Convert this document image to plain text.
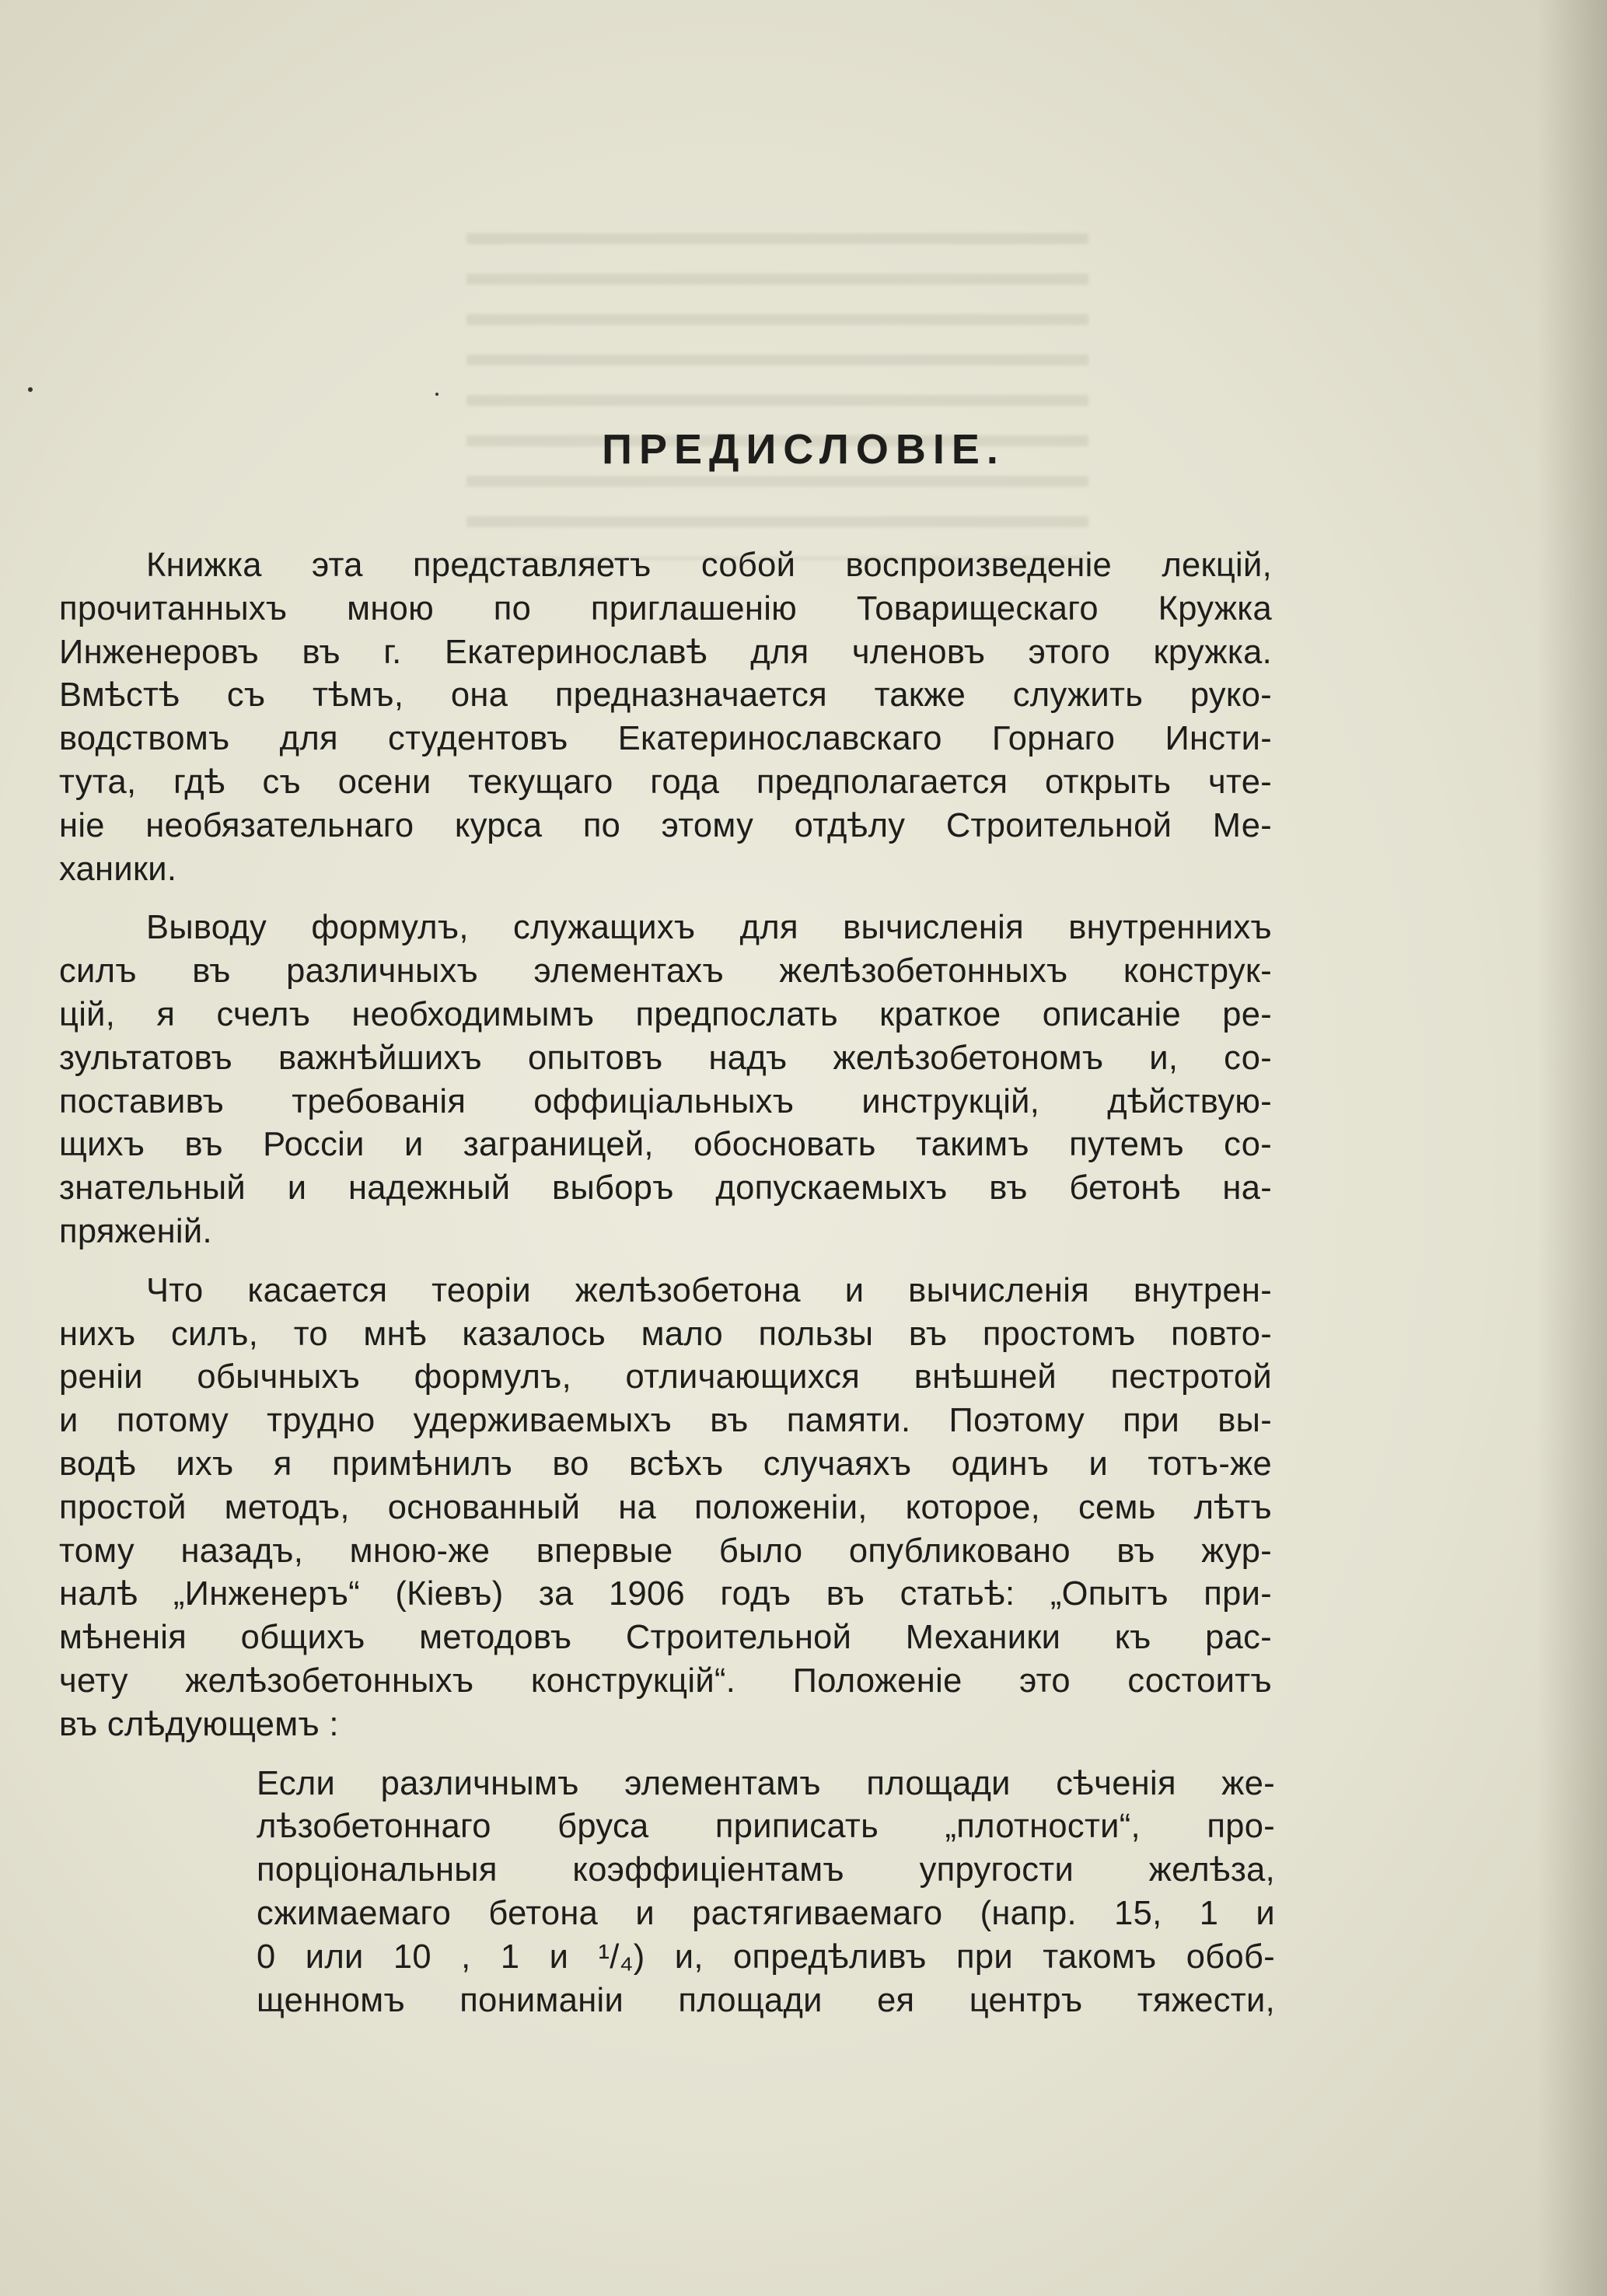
ПРЕДИСЛОВIЕ.
Книжка эта представляетъ собой воспроизведенiе лекцiй,
прочитанныхъ мною по приглашенiю Товарищескаго Кружка
Инженеровъ въ г. Екатеринославѣ для членовъ этого кружка.
Вмѣстѣ съ тѣмъ, она предназначается также служить руко-
водствомъ для студентовъ Екатеринославскаго Горнаго Инсти-
тута, гдѣ съ осени текущаго года предполагается открыть чте-
нiе необязательнаго курса по этому отдѣлу Строительной Ме-
ханики.
Выводу формулъ, служащихъ для вычисленiя внутреннихъ
силъ въ различныхъ элементахъ желѣзобетонныхъ конструк-
цiй, я счелъ необходимымъ предпослать краткое описанiе ре-
зультатовъ важнѣйшихъ опытовъ надъ желѣзобетономъ и, со-
поставивъ требованiя оффицiальныхъ инструкцiй, дѣйствую-
щихъ въ Россiи и заграницей, обосновать такимъ путемъ со-
знательный и надежный выборъ допускаемыхъ въ бетонѣ на-
пряженiй.
Что касается теорiи желѣзобетона и вычисленiя внутрен-
нихъ силъ, то мнѣ казалось мало пользы въ простомъ повто-
ренiи обычныхъ формулъ, отличающихся внѣшней пестротой
и потому трудно удерживаемыхъ въ памяти. Поэтому при вы-
водѣ ихъ я примѣнилъ во всѣхъ случаяхъ одинъ и тотъ-же
простой методъ, основанный на положенiи, которое, семь лѣтъ
тому назадъ, мною-же впервые было опубликовано въ жур-
налѣ „Инженеръ“ (Кiевъ) за 1906 годъ въ статьѣ: „Опытъ при-
мѣненiя общихъ методовъ Строительной Механики къ рас-
чету желѣзобетонныхъ конструкцiй“. Положенiе это состоитъ
въ слѣдующемъ :
Если различнымъ элементамъ площади сѣченiя же-
лѣзобетоннаго бруса приписать „плотности“, про-
порцiональныя коэффицiентамъ упругости желѣза,
сжимаемаго бетона и растягиваемаго (напр. 15, 1 и
0 или 10 , 1 и ¹/₄) и, опредѣливъ при такомъ обоб-
щенномъ пониманiи площади ея центръ тяжести,
